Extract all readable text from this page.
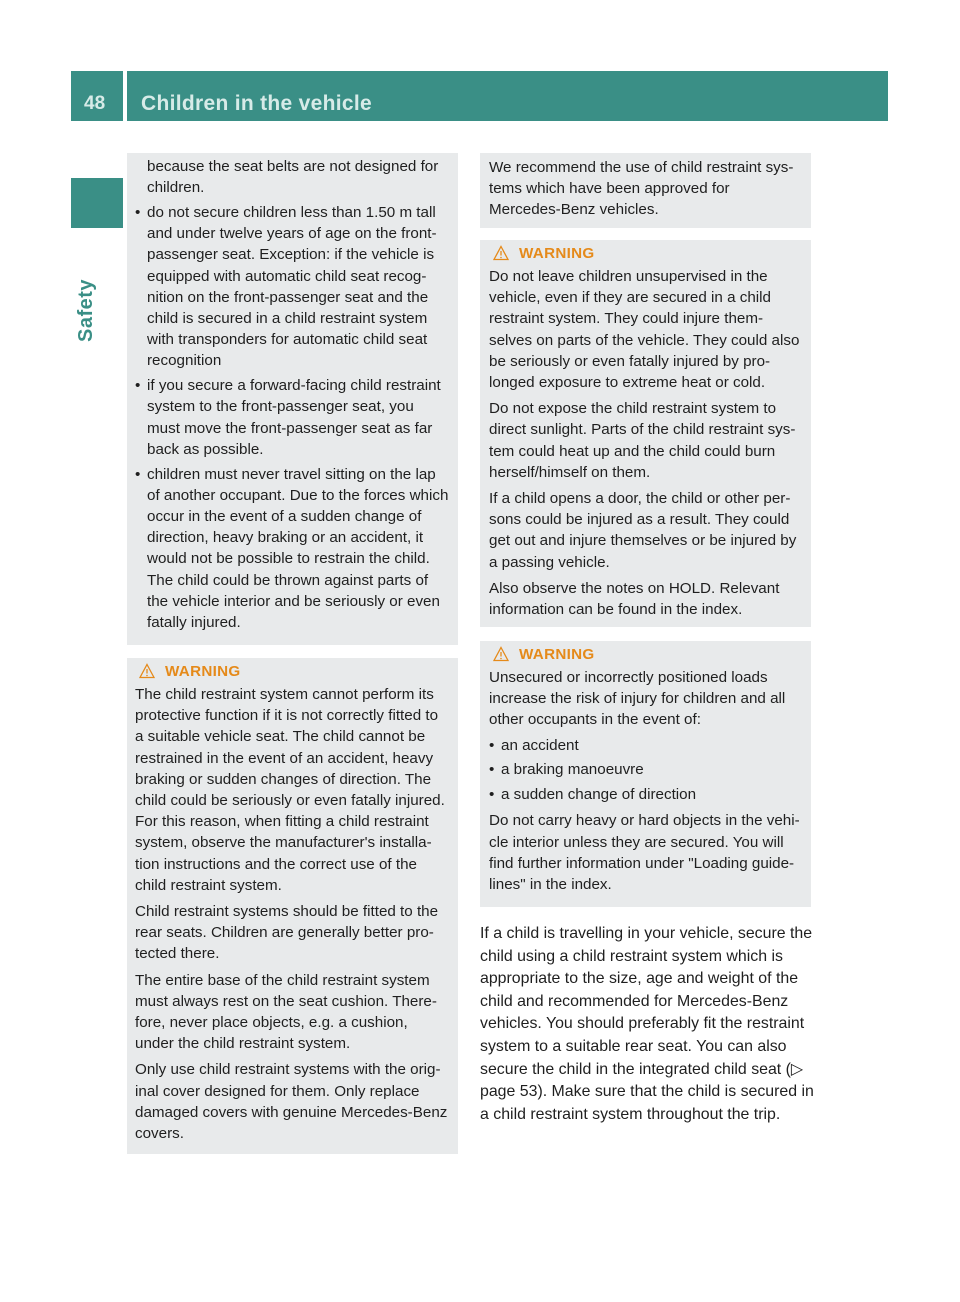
48 Children in the vehicle
Safety

because the seat belts are not designed for children.

• do not secure children less than 1.50 m tall and under twelve years of age on the front-passenger seat. Exception: if the vehicle is equipped with automatic child seat recog-nition on the front-passenger seat and the child is secured in a child restraint system with transponders for automatic child seat recognition
• if you secure a forward-facing child restraint system to the front-passenger seat, you must move the front-passenger seat as far back as possible.
• children must never travel sitting on the lap of another occupant. Due to the forces which occur in the event of a sudden change of direction, heavy braking or an accident, it would not be possible to restrain the child. The child could be thrown against parts of the vehicle interior and be seriously or even fatally injured.
WARNING

The child restraint system cannot perform its protective function if it is not correctly fitted to a suitable vehicle seat. The child cannot be restrained in the event of an accident, heavy braking or sudden changes of direction. The child could be seriously or even fatally injured. For this reason, when fitting a child restraint system, observe the manufacturer's installa-tion instructions and the correct use of the child restraint system.

Child restraint systems should be fitted to the rear seats. Children are generally better pro-tected there.

The entire base of the child restraint system must always rest on the seat cushion. There-fore, never place objects, e.g. a cushion, under the child restraint system.

Only use child restraint systems with the orig-inal cover designed for them. Only replace damaged covers with genuine Mercedes-Benz covers.

We recommend the use of child restraint sys-tems which have been approved for Mercedes-Benz vehicles.

WARNING

Do not leave children unsupervised in the vehicle, even if they are secured in a child restraint system. They could injure them-selves on parts of the vehicle. They could also be seriously or even fatally injured by pro-longed exposure to extreme heat or cold.

Do not expose the child restraint system to direct sunlight. Parts of the child restraint sys-tem could heat up and the child could burn herself/himself on them.

If a child opens a door, the child or other per-sons could be injured as a result. They could get out and injure themselves or be injured by a passing vehicle.

Also observe the notes on HOLD. Relevant information can be found in the index.

WARNING

Unsecured or incorrectly positioned loads increase the risk of injury for children and all other occupants in the event of:

• an accident
• a braking manoeuvre
• a sudden change of direction

Do not carry heavy or hard objects in the vehi-cle interior unless they are secured. You will find further information under "Loading guide-lines" in the index.

If a child is travelling in your vehicle, secure the child using a child restraint system which is appropriate to the size, age and weight of the child and recommended for Mercedes-Benz vehicles. You should preferably fit the restraint system to a suitable rear seat. You can also secure the child in the integrated child seat (▷ page 53). Make sure that the child is secured in a child restraint system throughout the trip.
